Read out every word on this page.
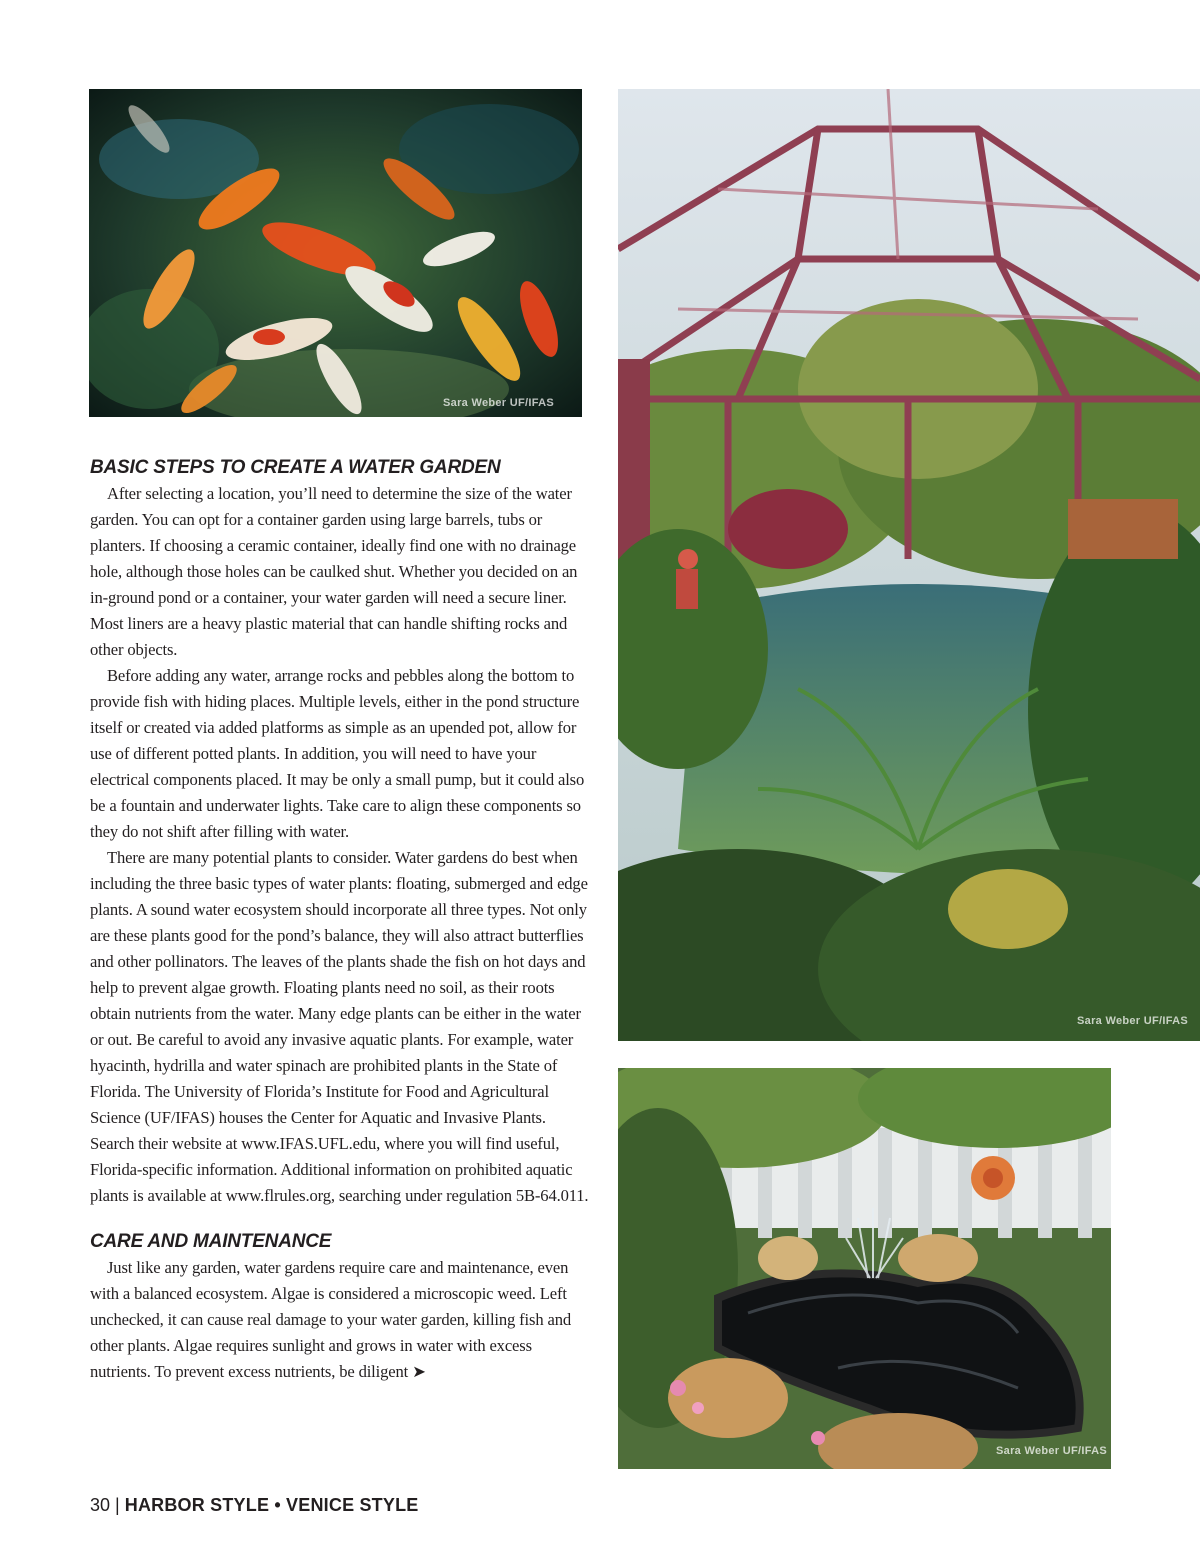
Sara Weber UF/IFAS
Sara Weber UF/IFAS
Sara Weber UF/IFAS
BASIC STEPS TO CREATE A WATER GARDEN

After selecting a location, you’ll need to determine the size of the water garden. You can opt for a container garden using large barrels, tubs or planters. If choosing a ceramic container, ideally find one with no drainage hole, although those holes can be caulked shut. Whether you decided on an in-ground pond or a container, your water garden will need a secure liner. Most liners are a heavy plastic material that can handle shifting rocks and other objects.

Before adding any water, arrange rocks and pebbles along the bottom to provide fish with hiding places. Multiple levels, either in the pond structure itself or created via added platforms as simple as an upended pot, allow for use of different potted plants. In addition, you will need to have your electrical components placed. It may be only a small pump, but it could also be a fountain and underwater lights. Take care to align these components so they do not shift after filling with water.

There are many potential plants to consider. Water gardens do best when including the three basic types of water plants: floating, submerged and edge plants. A sound water ecosystem should incorporate all three types. Not only are these plants good for the pond’s balance, they will also attract butterflies and other pollinators. The leaves of the plants shade the fish on hot days and help to prevent algae growth. Floating plants need no soil, as their roots obtain nutrients from the water. Many edge plants can be either in the water or out. Be careful to avoid any invasive aquatic plants. For example, water hyacinth, hydrilla and water spinach are prohibited plants in the State of Florida. The University of Florida’s Institute for Food and Agricultural Science (UF/IFAS) houses the Center for Aquatic and Invasive Plants. Search their website at www.IFAS.UFL.edu, where you will find useful, Florida-specific information. Additional information on prohibited aquatic plants is available at www.flrules.org, searching under regulation 5B-64.011.

CARE AND MAINTENANCE

Just like any garden, water gardens require care and maintenance, even with a balanced ecosystem. Algae is considered a microscopic weed. Left unchecked, it can cause real damage to your water garden, killing fish and other plants. Algae requires sunlight and grows in water with excess nutrients. To prevent excess nutrients, be diligent ➤

30 | HARBOR STYLE • VENICE STYLE
